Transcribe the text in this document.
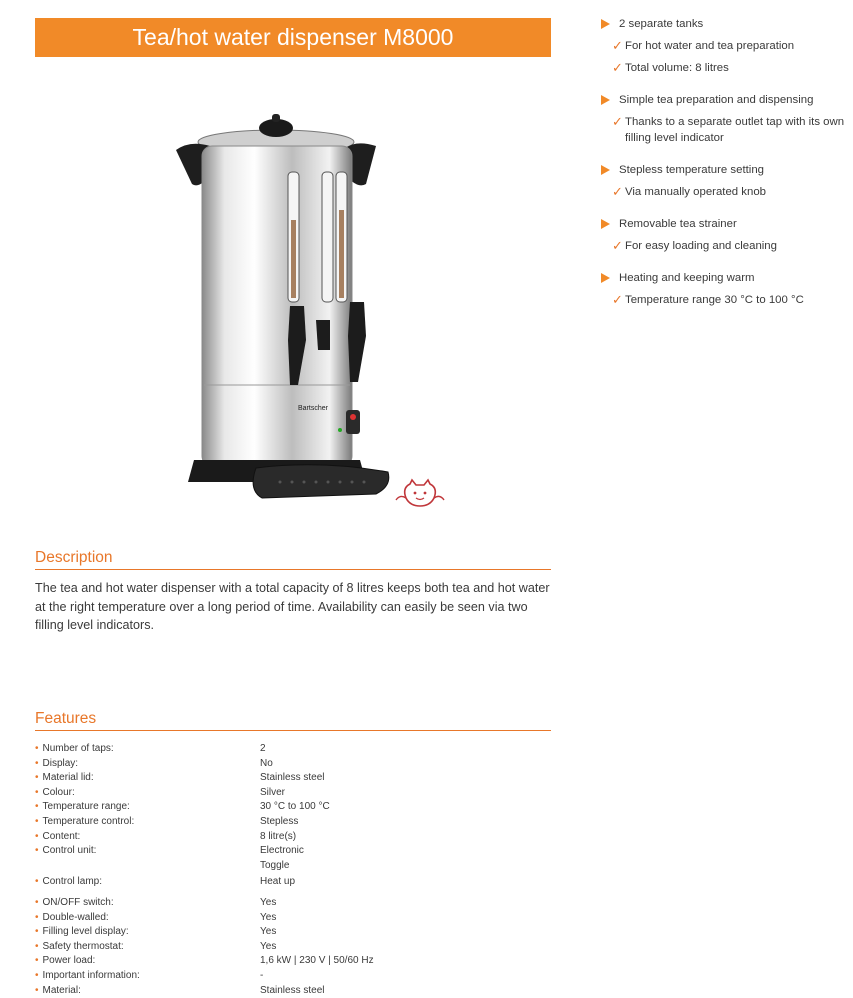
Tea/hot water dispenser M8000
Bartscher
Description
The tea and hot water dispenser with a total capacity of 8 litres keeps both tea and hot water at the right temperature over a long period of time. Availability can easily be seen via two filling level indicators.
Features
• Number of taps:	2
• Display:	No
• Material lid:	Stainless steel
• Colour:	Silver
• Temperature range:	30 °C to 100 °C
• Temperature control:	Stepless
• Content:	8 litre(s)
• Control unit:	Electronic
Toggle
• Control lamp:	Heat up
• ON/OFF switch:	Yes
• Double-walled:	Yes
• Filling level display:	Yes
• Safety thermostat:	Yes
• Power load:	1,6 kW | 230 V | 50/60 Hz
• Important information:	-
• Material:	Stainless steel
2 separate tanks
✓ For hot water and tea preparation
✓ Total volume: 8 litres
Simple tea preparation and dispensing
✓ Thanks to a separate outlet tap with its own filling level indicator
Stepless temperature setting
✓ Via manually operated knob
Removable tea strainer
✓ For easy loading and cleaning
Heating and keeping warm
✓ Temperature range 30 °C to 100 °C
